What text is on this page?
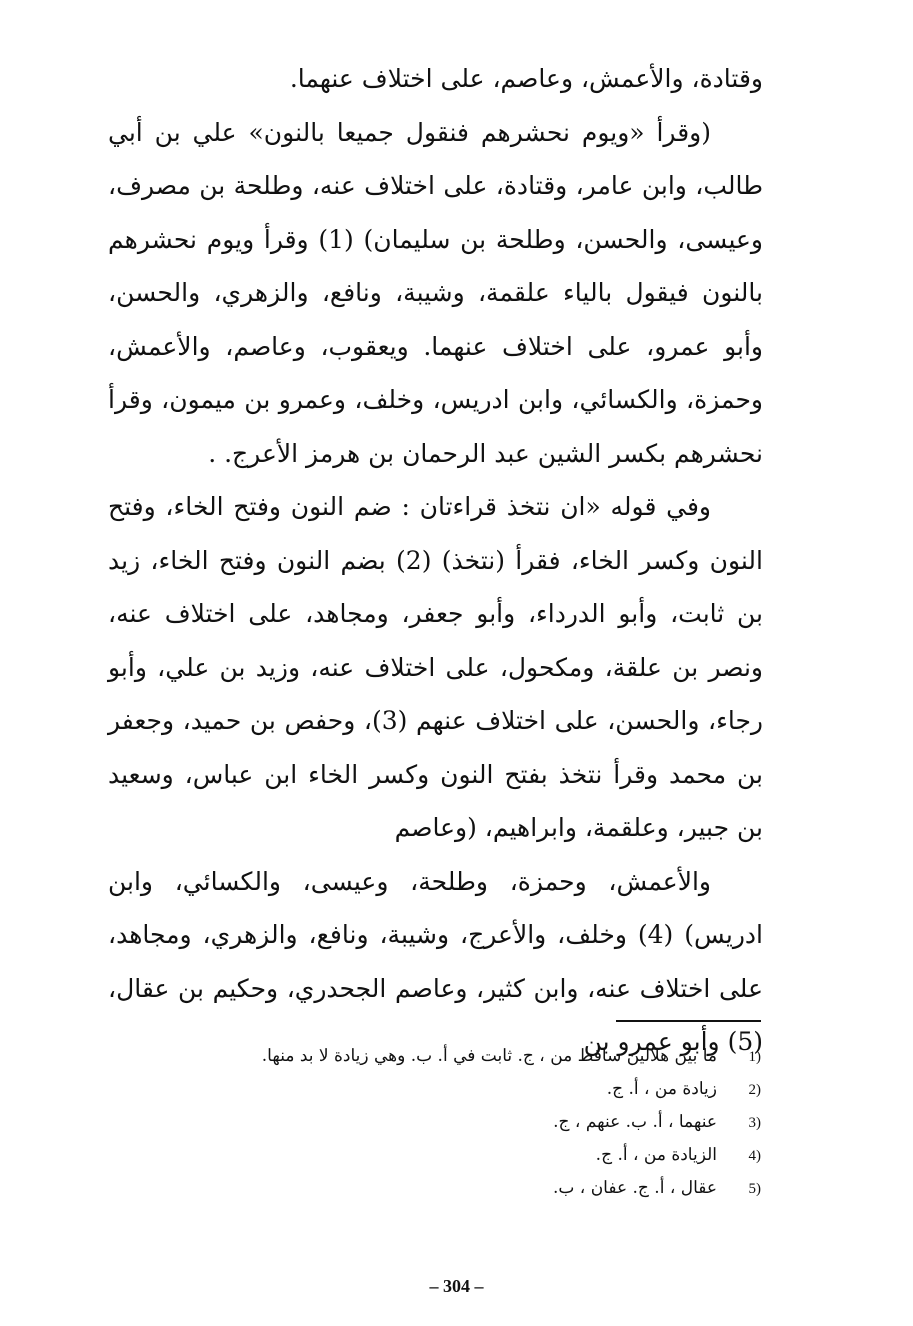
وقتادة، والأعمش، وعاصم، على اختلاف عنهما.

(وقرأ «ويوم نحشرهم فنقول جميعا بالنون» علي بن أبي طالب، وابن عامر، وقتادة، على اختلاف عنه، وطلحة بن مصرف، وعيسى، والحسن، وطلحة بن سليمان) (1) وقرأ ويوم نحشرهم بالنون فيقول بالياء علقمة، وشيبة، ونافع، والزهري، والحسن، وأبو عمرو، على اختلاف عنهما. ويعقوب، وعاصم، والأعمش، وحمزة، والكسائي، وابن ادريس، وخلف، وعمرو بن ميمون، وقرأ نحشرهم بكسر الشين عبد الرحمان بن هرمز الأعرج. .

وفي قوله «ان نتخذ قراءتان : ضم النون وفتح الخاء، وفتح النون وكسر الخاء، فقرأ (نتخذ) (2) بضم النون وفتح الخاء، زيد بن ثابت، وأبو الدرداء، وأبو جعفر، ومجاهد، على اختلاف عنه، ونصر بن علقة، ومكحول، على اختلاف عنه، وزيد بن علي، وأبو رجاء، والحسن، على اختلاف عنهم (3)، وحفص بن حميد، وجعفر بن محمد وقرأ نتخذ بفتح النون وكسر الخاء ابن عباس، وسعيد بن جبير، وعلقمة، وابراهيم، (وعاصم

والأعمش، وحمزة، وطلحة، وعيسى، والكسائي، وابن ادريس) (4) وخلف، والأعرج، وشيبة، ونافع، والزهري، ومجاهد، على اختلاف عنه، وابن كثير، وعاصم الجحدري، وحكيم بن عقال، (5) وأبو عمرو بن

1)
ما بين هلالين ساقط من ، ج. ثابت في أ. ب. وهي زيادة لا بد منها.
2)
زيادة من ، أ. ج.
3)
عنهما ، أ. ب. عنهم ، ج.
4)
الزيادة من ، أ. ج.
5)
عقال ، أ. ج. عفان ، ب.
– 304 –
